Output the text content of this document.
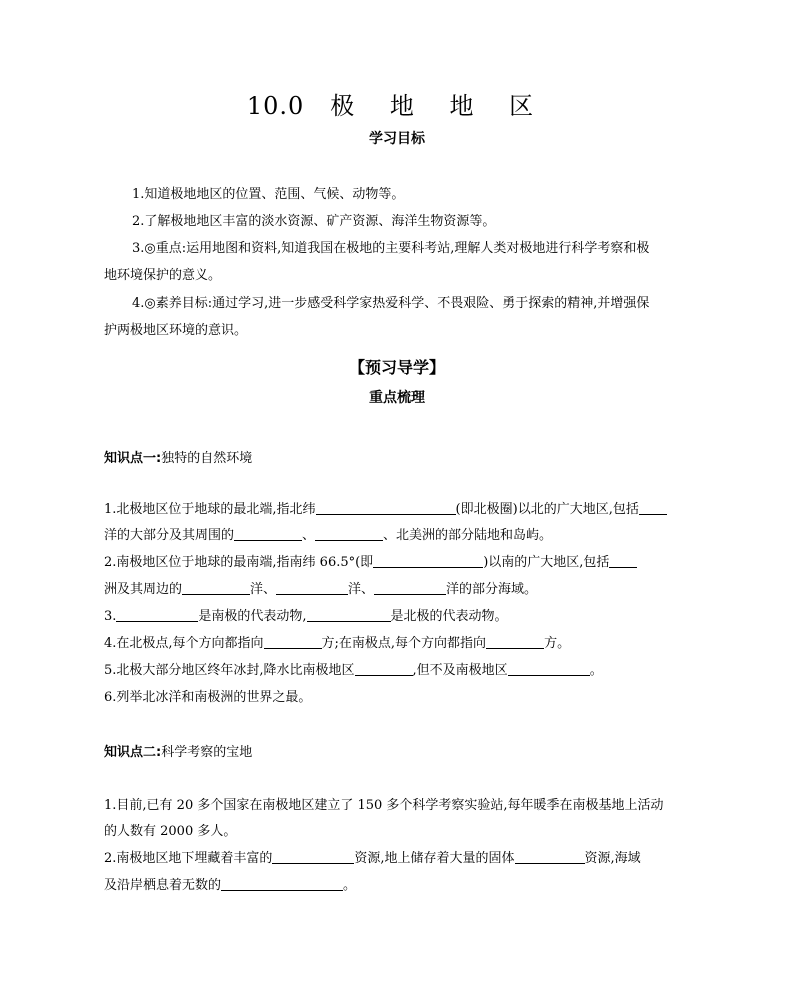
10.0 极 地 地 区
学习目标
1.知道极地地区的位置、范围、气候、动物等。
2.了解极地地区丰富的淡水资源、矿产资源、海洋生物资源等。
3.◎重点:运用地图和资料,知道我国在极地的主要科考站,理解人类对极地进行科学考察和极
地环境保护的意义。
4.◎素养目标:通过学习,进一步感受科学家热爱科学、不畏艰险、勇于探索的精神,并增强保
护两极地区环境的意识。
【预习导学】
重点梳理
知识点一:独特的自然环境
1.北极地区位于地球的最北端,指北纬	(即北极圈)以北的广大地区,包括
洋的大部分及其周围的	、	、北美洲的部分陆地和岛屿。
2.南极地区位于地球的最南端,指南纬 66.5°(即	)以南的广大地区,包括
洲及其周边的	洋、	洋、	洋的部分海域。
3.	是南极的代表动物,	是北极的代表动物。
4.在北极点,每个方向都指向	方;在南极点,每个方向都指向	方。
5.北极大部分地区终年冰封,降水比南极地区	,但不及南极地区	。
6.列举北冰洋和南极洲的世界之最。
知识点二:科学考察的宝地
1.目前,已有 20 多个国家在南极地区建立了 150 多个科学考察实验站,每年暖季在南极基地上活动
的人数有 2000 多人。
2.南极地区地下埋藏着丰富的	资源,地上储存着大量的固体	资源,海域
及沿岸栖息着无数的	。
